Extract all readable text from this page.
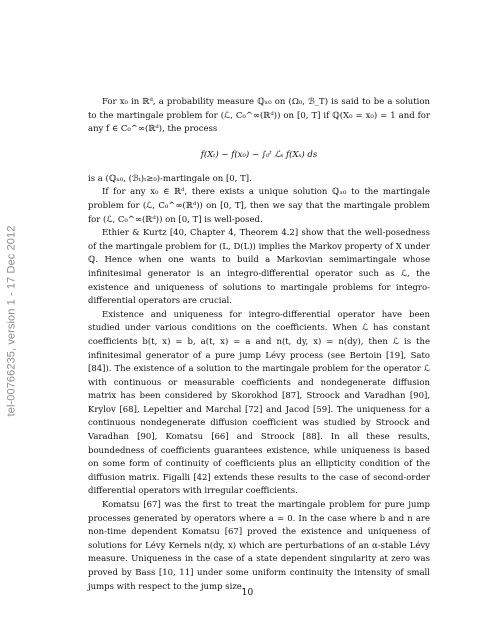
tel-00766235, version 1 - 17 Dec 2012

For x₀ in ℝᵈ, a probability measure ℚₓ₀ on (Ω₀, ℬ_T) is said to be a solution to the martingale problem for (ℒ, C₀^∞(ℝᵈ)) on [0, T] if ℚ(X₀ = x₀) = 1 and for any f ∈ C₀^∞(ℝᵈ), the process

f(Xₜ) − f(x₀) − ∫₀ᵗ ℒₛ f(Xₛ) ds

is a (ℚₓ₀, (ℬₜ)ₜ≥₀)-martingale on [0, T].

If for any x₀ ∈ ℝᵈ, there exists a unique solution ℚₓ₀ to the martingale problem for (ℒ, C₀^∞(ℝᵈ)) on [0, T], then we say that the martingale problem for (ℒ, C₀^∞(ℝᵈ)) on [0, T] is well-posed.

Ethier & Kurtz [40, Chapter 4, Theorem 4.2] show that the well-posedness of the martingale problem for (L, D(L)) implies the Markov property of X under ℚ. Hence when one wants to build a Markovian semimartingale whose infinitesimal generator is an integro-differential operator such as ℒ, the existence and uniqueness of solutions to martingale problems for integro-differential operators are crucial.

Existence and uniqueness for integro-differential operator have been studied under various conditions on the coefficients. When ℒ has constant coefficients b(t, x) = b, a(t, x) = a and n(t, dy, x) = n(dy), then ℒ is the infinitesimal generator of a pure jump Lévy process (see Bertoin [19], Sato [84]). The existence of a solution to the martingale problem for the operator ℒ with continuous or measurable coefficients and nondegenerate diffusion matrix has been considered by Skorokhod [87], Stroock and Varadhan [90], Krylov [68], Lepeltier and Marchal [72] and Jacod [59]. The uniqueness for a continuous nondegenerate diffusion coefficient was studied by Stroock and Varadhan [90], Komatsu [66] and Stroock [88]. In all these results, boundedness of coefficients guarantees existence, while uniqueness is based on some form of continuity of coefficients plus an ellipticity condition of the diffusion matrix. Figalli [42] extends these results to the case of second-order differential operators with irregular coefficients.

Komatsu [67] was the first to treat the martingale problem for pure jump processes generated by operators where a = 0. In the case where b and n are non-time dependent Komatsu [67] proved the existence and uniqueness of solutions for Lévy Kernels n(dy, x) which are perturbations of an α-stable Lévy measure. Uniqueness in the case of a state dependent singularity at zero was proved by Bass [10, 11] under some uniform continuity the intensity of small jumps with respect to the jump size.

10
